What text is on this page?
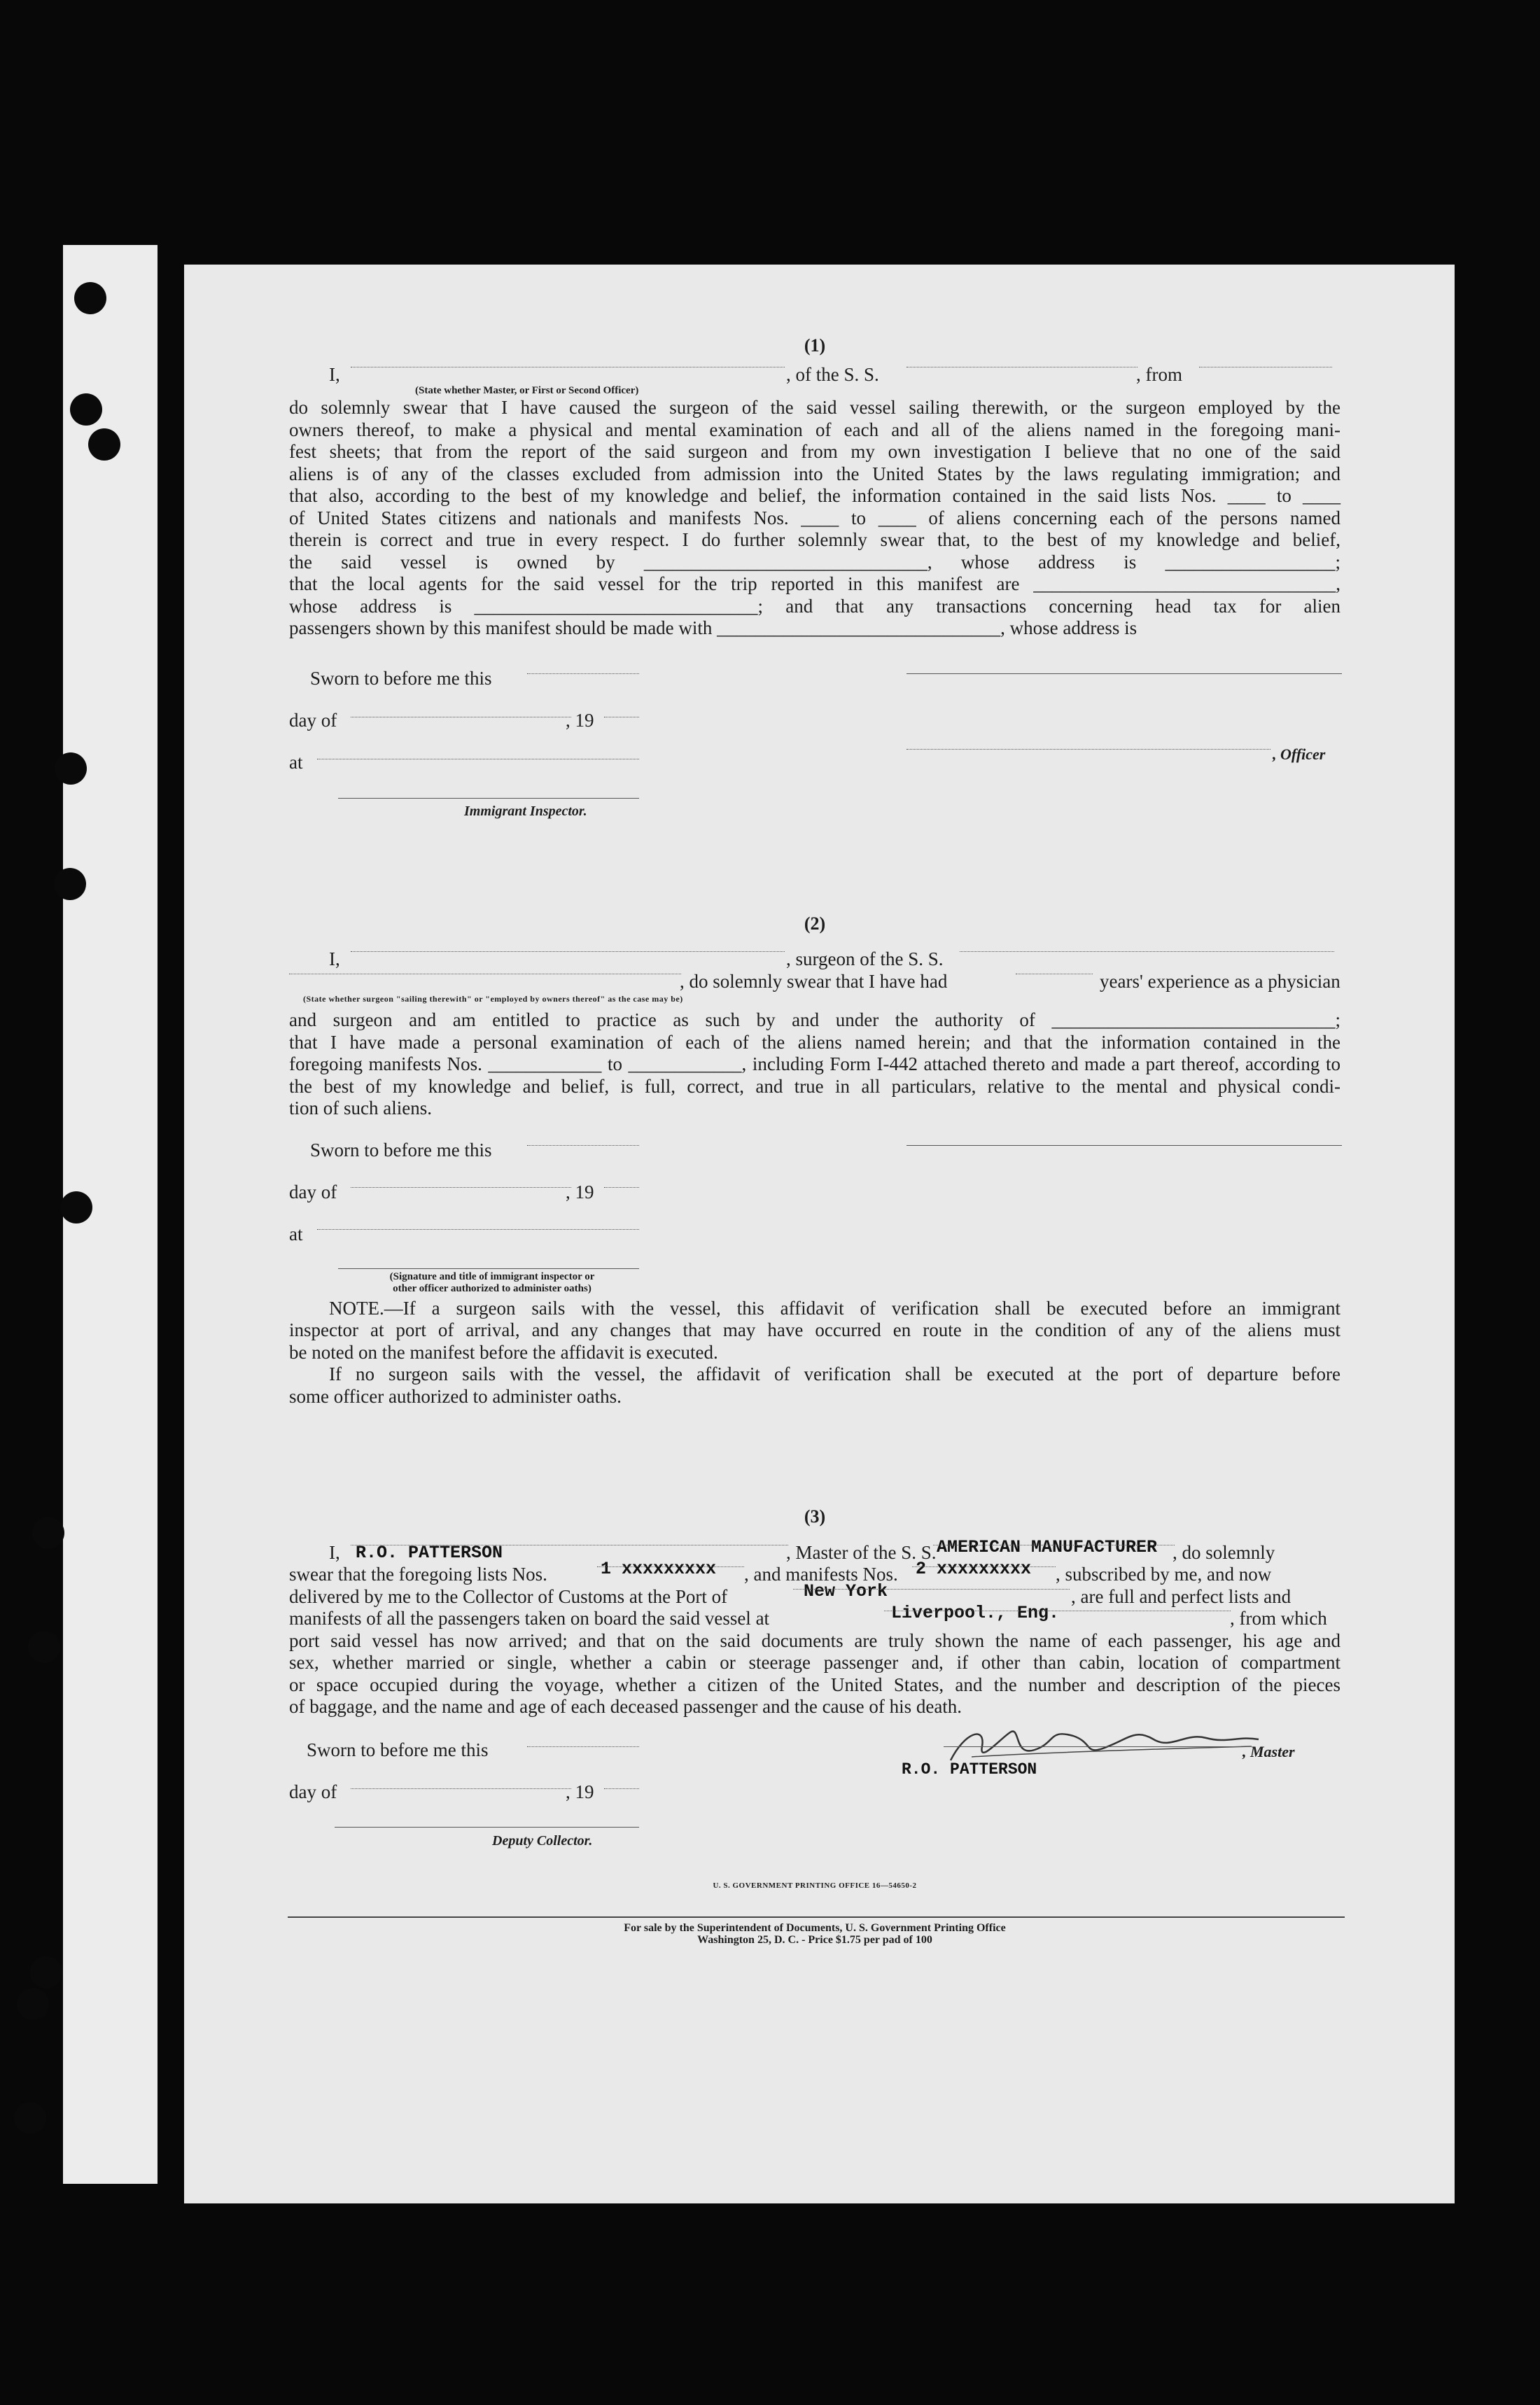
(1)
I,	, of the S. S.	, from
(State whether Master, or First or Second Officer)
do solemnly swear that I have caused the surgeon of the said vessel sailing therewith, or the surgeon employed by the
owners thereof, to make a physical and mental examination of each and all of the aliens named in the foregoing mani-
fest sheets; that from the report of the said surgeon and from my own investigation I believe that no one of the said
aliens is of any of the classes excluded from admission into the United States by the laws regulating immigration; and
that also, according to the best of my knowledge and belief, the information contained in the said lists Nos. ____ to ____
of United States citizens and nationals and manifests Nos. ____ to ____ of aliens concerning each of the persons named
therein is correct and true in every respect. I do further solemnly swear that, to the best of my knowledge and belief,
the said vessel is owned by ______________________________, whose address is __________________;
that the local agents for the said vessel for the trip reported in this manifest are ________________________________,
whose address is ______________________________; and that any transactions concerning head tax for alien
passengers shown by this manifest should be made with ______________________________, whose address is
Sworn to before me this
day of	, 19
, Officer
at
Immigrant Inspector.
(2)
I,	, surgeon of the S. S.
, do solemnly swear that I have had	years' experience as a physician
(State whether surgeon "sailing therewith" or "employed by owners thereof" as the case may be)
and surgeon and am entitled to practice as such by and under the authority of ______________________________;
that I have made a personal examination of each of the aliens named herein; and that the information contained in the
foregoing manifests Nos. ____________ to ____________, including Form I-442 attached thereto and made a part thereof, according to
the best of my knowledge and belief, is full, correct, and true in all particulars, relative to the mental and physical condi-
tion of such aliens.
Sworn to before me this
day of	, 19
at
(Signature and title of immigrant inspector or
other officer authorized to administer oaths)
NOTE.—If a surgeon sails with the vessel, this affidavit of verification shall be executed before an immigrant
inspector at port of arrival, and any changes that may have occurred en route in the condition of any of the aliens must
be noted on the manifest before the affidavit is executed.
If no surgeon sails with the vessel, the affidavit of verification shall be executed at the port of departure before
some officer authorized to administer oaths.
(3)
I, R.O. PATTERSON	, Master of the S. S. AMERICAN MANUFACTURER , do solemnly
swear that the foregoing lists Nos.	1 xxxxxxxxx , and manifests Nos. 2 xxxxxxxxx , subscribed by me, and now
delivered by me to the Collector of Customs at the Port of	New York	, are full and perfect lists and
manifests of all the passengers taken on board the said vessel at	Liverpool., Eng.	, from which
port said vessel has now arrived; and that on the said documents are truly shown the name of each passenger, his age and
sex, whether married or single, whether a cabin or steerage passenger and, if other than cabin, location of compartment
or space occupied during the voyage, whether a citizen of the United States, and the number and description of the pieces
of baggage, and the name and age of each deceased passenger and the cause of his death.
Sworn to before me this	, Master
R.O. PATTERSON
day of	, 19
Deputy Collector.
U. S. GOVERNMENT PRINTING OFFICE 16—54650-2
For sale by the Superintendent of Documents, U. S. Government Printing Office
Washington 25, D. C. - Price $1.75 per pad of 100
